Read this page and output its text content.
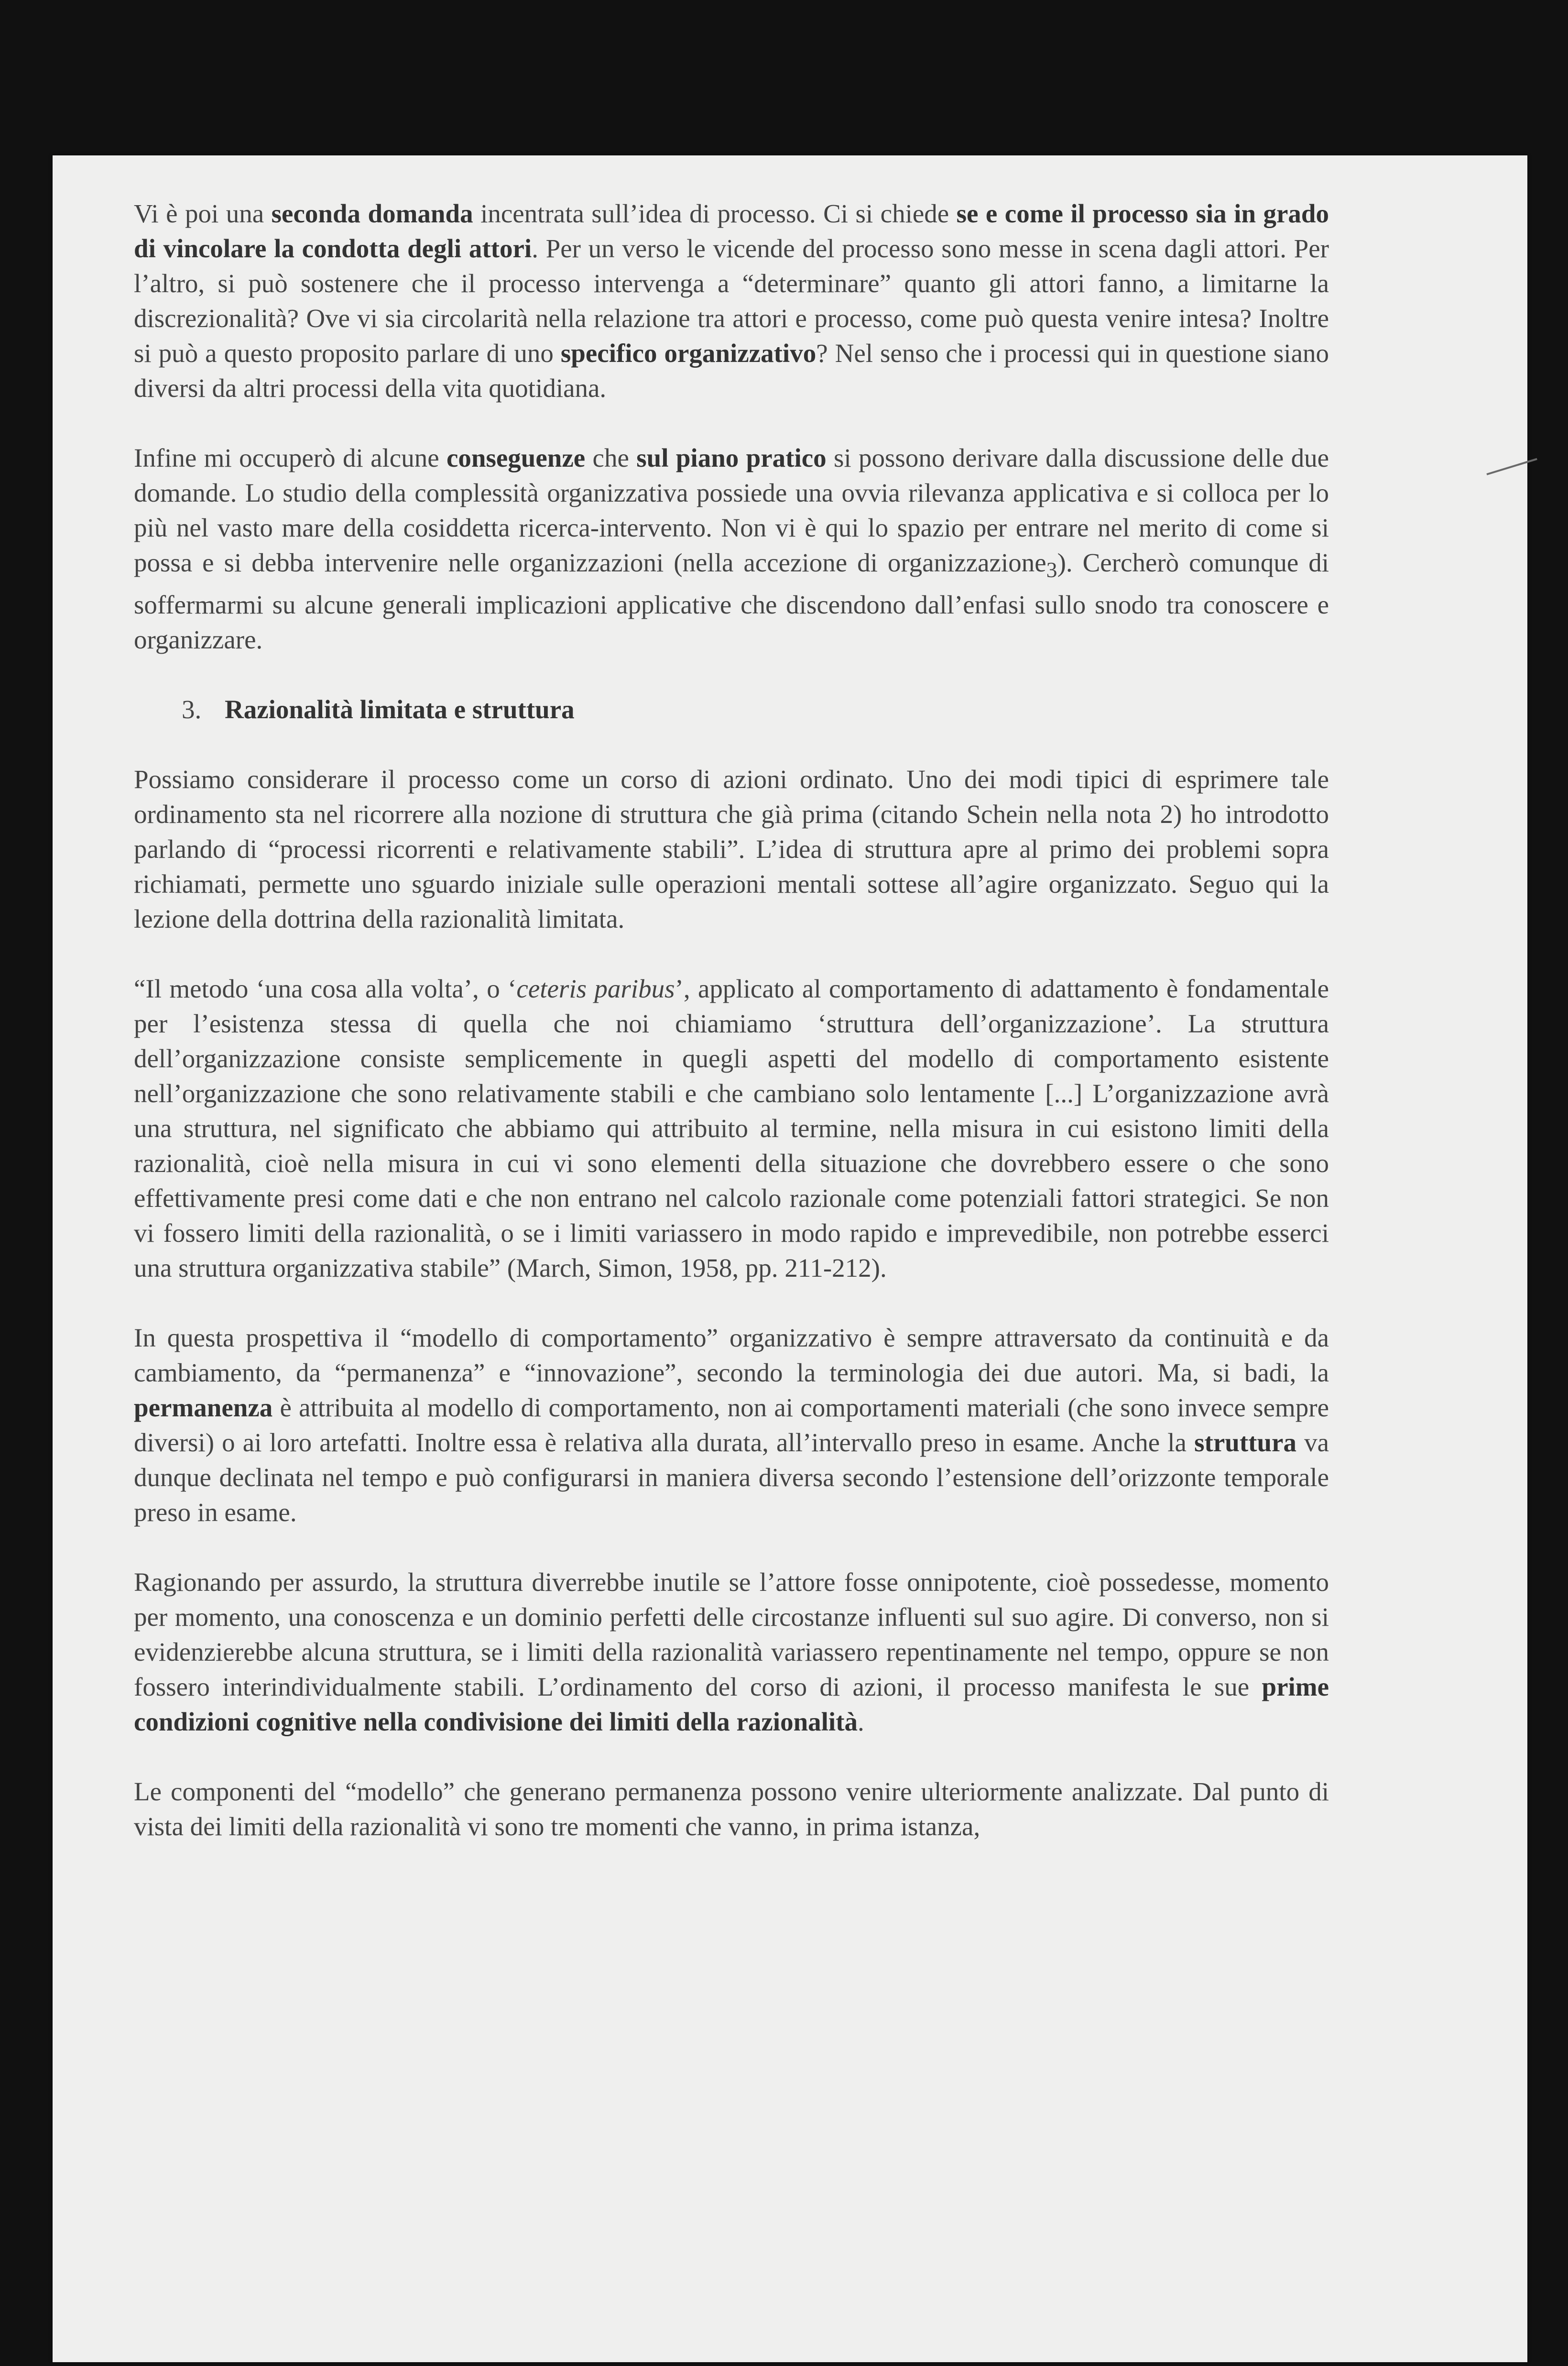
Vi è poi una seconda domanda incentrata sull’idea di processo. Ci si chiede se e come il processo sia in grado di vincolare la condotta degli attori. Per un verso le vicende del processo sono messe in scena dagli attori. Per l’altro, si può sostenere che il processo intervenga a “determinare” quanto gli attori fanno, a limitarne la discrezionalità? Ove vi sia circolarità nella relazione tra attori e processo, come può questa venire intesa? Inoltre si può a questo proposito parlare di uno specifico organizzativo? Nel senso che i processi qui in questione siano diversi da altri processi della vita quotidiana.

Infine mi occuperò di alcune conseguenze che sul piano pratico si possono derivare dalla discussione delle due domande. Lo studio della complessità organizzativa possiede una ovvia rilevanza applicativa e si colloca per lo più nel vasto mare della cosiddetta ricerca-intervento. Non vi è qui lo spazio per entrare nel merito di come si possa e si debba intervenire nelle organizzazioni (nella accezione di organizzazione$_3$). Cercherò comunque di soffermarmi su alcune generali implicazioni applicative che discendono dall’enfasi sullo snodo tra conoscere e organizzare.

3. Razionalità limitata e struttura

Possiamo considerare il processo come un corso di azioni ordinato. Uno dei modi tipici di esprimere tale ordinamento sta nel ricorrere alla nozione di struttura che già prima (citando Schein nella nota 2) ho introdotto parlando di “processi ricorrenti e relativamente stabili”. L’idea di struttura apre al primo dei problemi sopra richiamati, permette uno sguardo iniziale sulle operazioni mentali sottese all’agire organizzato. Seguo qui la lezione della dottrina della razionalità limitata.

“Il metodo ‘una cosa alla volta’, o ‘ceteris paribus’, applicato al comportamento di adattamento è fondamentale per l’esistenza stessa di quella che noi chiamiamo ‘struttura dell’organizzazione’. La struttura dell’organizzazione consiste semplicemente in quegli aspetti del modello di comportamento esistente nell’organizzazione che sono relativamente stabili e che cambiano solo lentamente [...] L’organizzazione avrà una struttura, nel significato che abbiamo qui attribuito al termine, nella misura in cui esistono limiti della razionalità, cioè nella misura in cui vi sono elementi della situazione che dovrebbero essere o che sono effettivamente presi come dati e che non entrano nel calcolo razionale come potenziali fattori strategici. Se non vi fossero limiti della razionalità, o se i limiti variassero in modo rapido e imprevedibile, non potrebbe esserci una struttura organizzativa stabile” (March, Simon, 1958, pp. 211-212).

In questa prospettiva il “modello di comportamento” organizzativo è sempre attraversato da continuità e da cambiamento, da “permanenza” e “innovazione”, secondo la terminologia dei due autori. Ma, si badi, la permanenza è attribuita al modello di comportamento, non ai comportamenti materiali (che sono invece sempre diversi) o ai loro artefatti. Inoltre essa è relativa alla durata, all’intervallo preso in esame. Anche la struttura va dunque declinata nel tempo e può configurarsi in maniera diversa secondo l’estensione dell’orizzonte temporale preso in esame.

Ragionando per assurdo, la struttura diverrebbe inutile se l’attore fosse onnipotente, cioè possedesse, momento per momento, una conoscenza e un dominio perfetti delle circostanze influenti sul suo agire. Di converso, non si evidenzierebbe alcuna struttura, se i limiti della razionalità variassero repentinamente nel tempo, oppure se non fossero interindividualmente stabili. L’ordinamento del corso di azioni, il processo manifesta le sue prime condizioni cognitive nella condivisione dei limiti della razionalità.

Le componenti del “modello” che generano permanenza possono venire ulteriormente analizzate. Dal punto di vista dei limiti della razionalità vi sono tre momenti che vanno, in prima istanza,
